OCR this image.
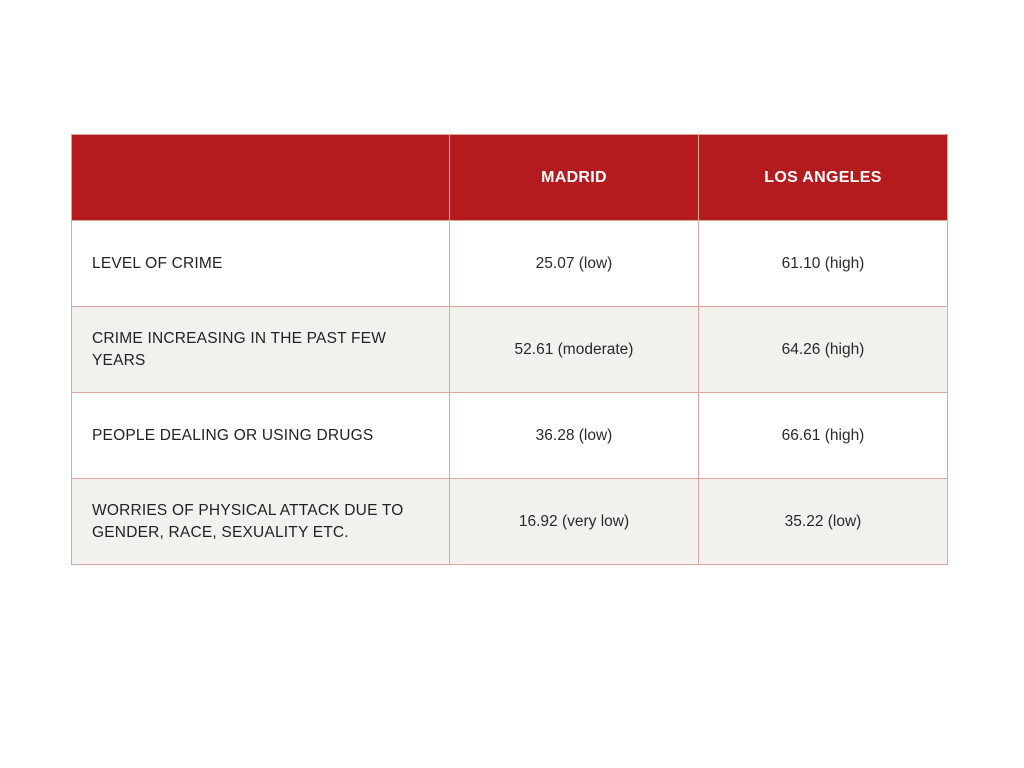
	MADRID	LOS ANGELES
LEVEL OF CRIME	25.07 (low)	61.10 (high)
CRIME INCREASING IN THE PAST FEW YEARS	52.61 (moderate)	64.26 (high)
PEOPLE DEALING OR USING DRUGS	36.28 (low)	66.61 (high)
WORRIES OF PHYSICAL ATTACK DUE TO GENDER, RACE, SEXUALITY ETC.	16.92 (very low)	35.22 (low)
